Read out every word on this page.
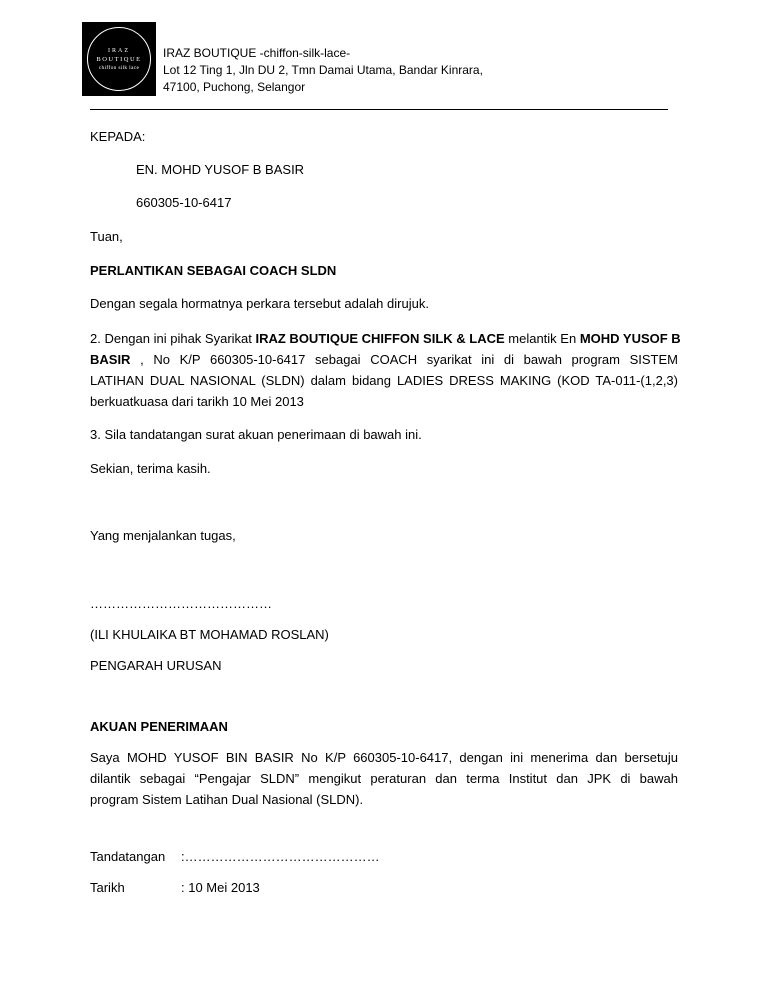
IRAZ
BOUTIQUE
chiffon silk lace
IRAZ BOUTIQUE -chiffon-silk-lace-
Lot 12 Ting 1, Jln DU 2, Tmn Damai Utama, Bandar Kinrara,
47100, Puchong, Selangor
KEPADA:
EN. MOHD YUSOF B BASIR
660305-10-6417
Tuan,
PERLANTIKAN SEBAGAI COACH SLDN
Dengan segala hormatnya perkara tersebut adalah dirujuk.
2. Dengan ini pihak Syarikat IRAZ BOUTIQUE CHIFFON SILK & LACE melantik En MOHD YUSOF B
BASIR , No K/P 660305-10-6417 sebagai COACH syarikat ini di bawah program SISTEM
LATIHAN DUAL NASIONAL (SLDN) dalam bidang LADIES DRESS MAKING (KOD TA-011-(1,2,3)
berkuatkuasa dari tarikh 10 Mei 2013
3. Sila tandatangan surat akuan penerimaan di bawah ini.
Sekian, terima kasih.
Yang menjalankan tugas,
……………………………………
(ILI KHULAIKA BT MOHAMAD ROSLAN)
PENGARAH URUSAN
AKUAN PENERIMAAN
Saya MOHD YUSOF BIN BASIR No K/P 660305-10-6417, dengan ini menerima dan bersetuju
dilantik sebagai “Pengajar SLDN” mengikut peraturan dan terma Institut dan JPK di bawah
program Sistem Latihan Dual Nasional (SLDN).
Tandatangan :………………………………………
Tarikh	: 10 Mei 2013
